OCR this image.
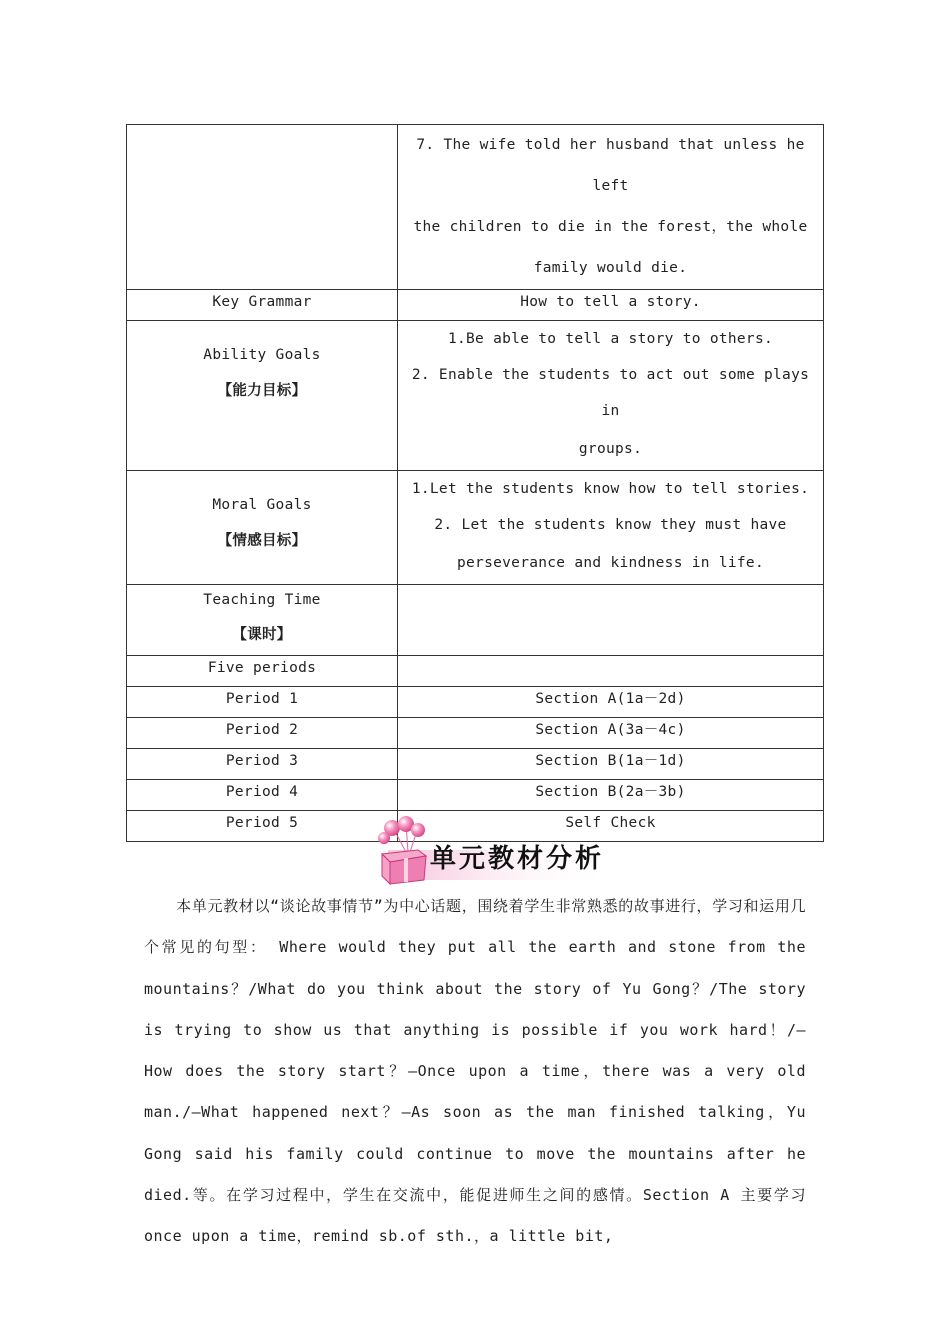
	7. The wife told her husband that unless he left
the children to die in the forest，the whole
family would die.

Key Grammar	How to tell a story.

Ability Goals
【能力目标】	1.Be able to tell a story to others.
2. Enable the students to act out some plays in
groups.

Moral Goals
【情感目标】	1.Let the students know how to tell stories.
2. Let the students know they must have
perseverance and kindness in life.

Teaching Time
【课时】	

Five periods	
Period 1	Section A(1a－2d)
Period 2	Section A(3a－4c)
Period 3	Section B(1a－1d)
Period 4	Section B(2a－3b)
Period 5	Self Check
单元教材分析
本单元教材以“谈论故事情节”为中心话题，围绕着学生非常熟悉的故事进行，学习和运用几个常见的句型： Where would they put all the earth and stone from the mountains？/What do you think about the story of Yu Gong？/The story is trying to show us that anything is possible if you work hard！/—How does the story start？—Once upon a time，there was a very old man./—What happened next？—As soon as the man finished talking，Yu Gong said his family could continue to move the mountains after he died.等。在学习过程中，学生在交流中，能促进师生之间的感情。Section A 主要学习 once upon a time，remind sb.of sth.，a little bit,
